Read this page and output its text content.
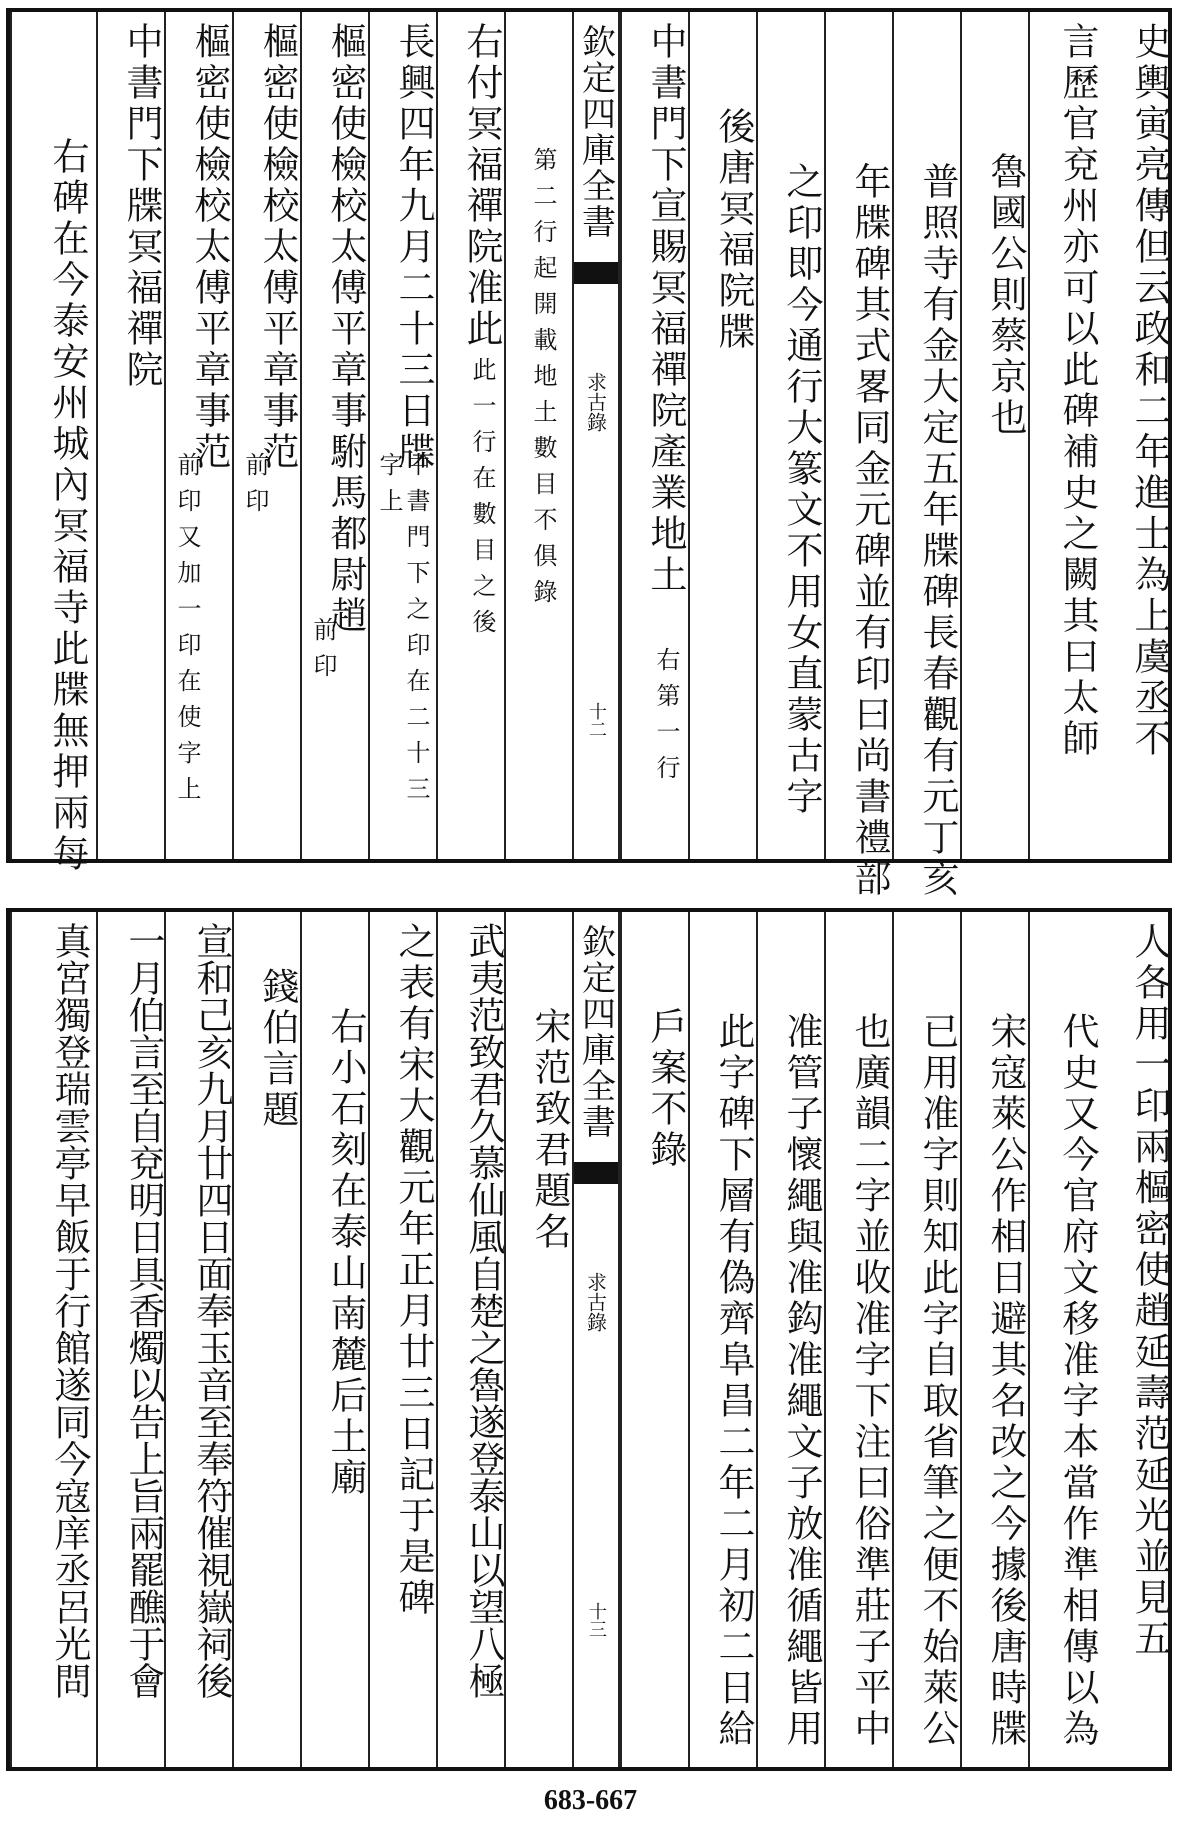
史輿寅亮傳但云政和二年進士為上虞丞不
言歷官兗州亦可以此碑補史之闕其曰太師
魯國公則蔡京也
普照寺有金大定五年牒碑長春觀有元丁亥
年牒碑其式畧同金元碑並有印曰尚書禮部
之印即今通行大篆文不用女直蒙古字
後唐冥福院牒
中書門下宣賜冥福禪院產業地土
右第一行
欽定四庫全書
求古錄
十二
第二行起開載地土數目不俱錄
右付冥福禪院准此
此一行在數目之後
長興四年九月二十三日牒
中書門下之印在二十三
字上
樞密使檢校太傅平章事駙馬都尉趙
前印
樞密使檢校太傅平章事范
前印
樞密使檢校太傅平章事范
前印又加一印在使字上
中書門下牒冥福禪院
右碑在今泰安州城內冥福寺此牒無押兩每
人各用一印兩樞密使趙延壽范延光並見五
代史又今官府文移准字本當作準相傳以為
宋寇萊公作相日避其名改之今據後唐時牒
已用准字則知此字自取省筆之便不始萊公
也廣韻二字並收准字下注曰俗準莊子平中
准管子懷繩與准鈎准繩文子放准循繩皆用
此字碑下層有偽齊阜昌二年二月初二日給
戶案不錄
欽定四庫全書
求古錄
十三
宋范致君題名
武夷范致君久慕仙風自楚之魯遂登泰山以望八極
之表有宋大觀元年正月廿三日記于是碑
右小石刻在泰山南麓后土廟
錢伯言題
宣和己亥九月廿四日面奉玉音至奉符催視嶽祠後
一月伯言至自兗明日具香燭以告上旨兩罷醮于會
真宮獨登瑞雲亭早飯于行館遂同今寇庠丞呂光問
683-667
